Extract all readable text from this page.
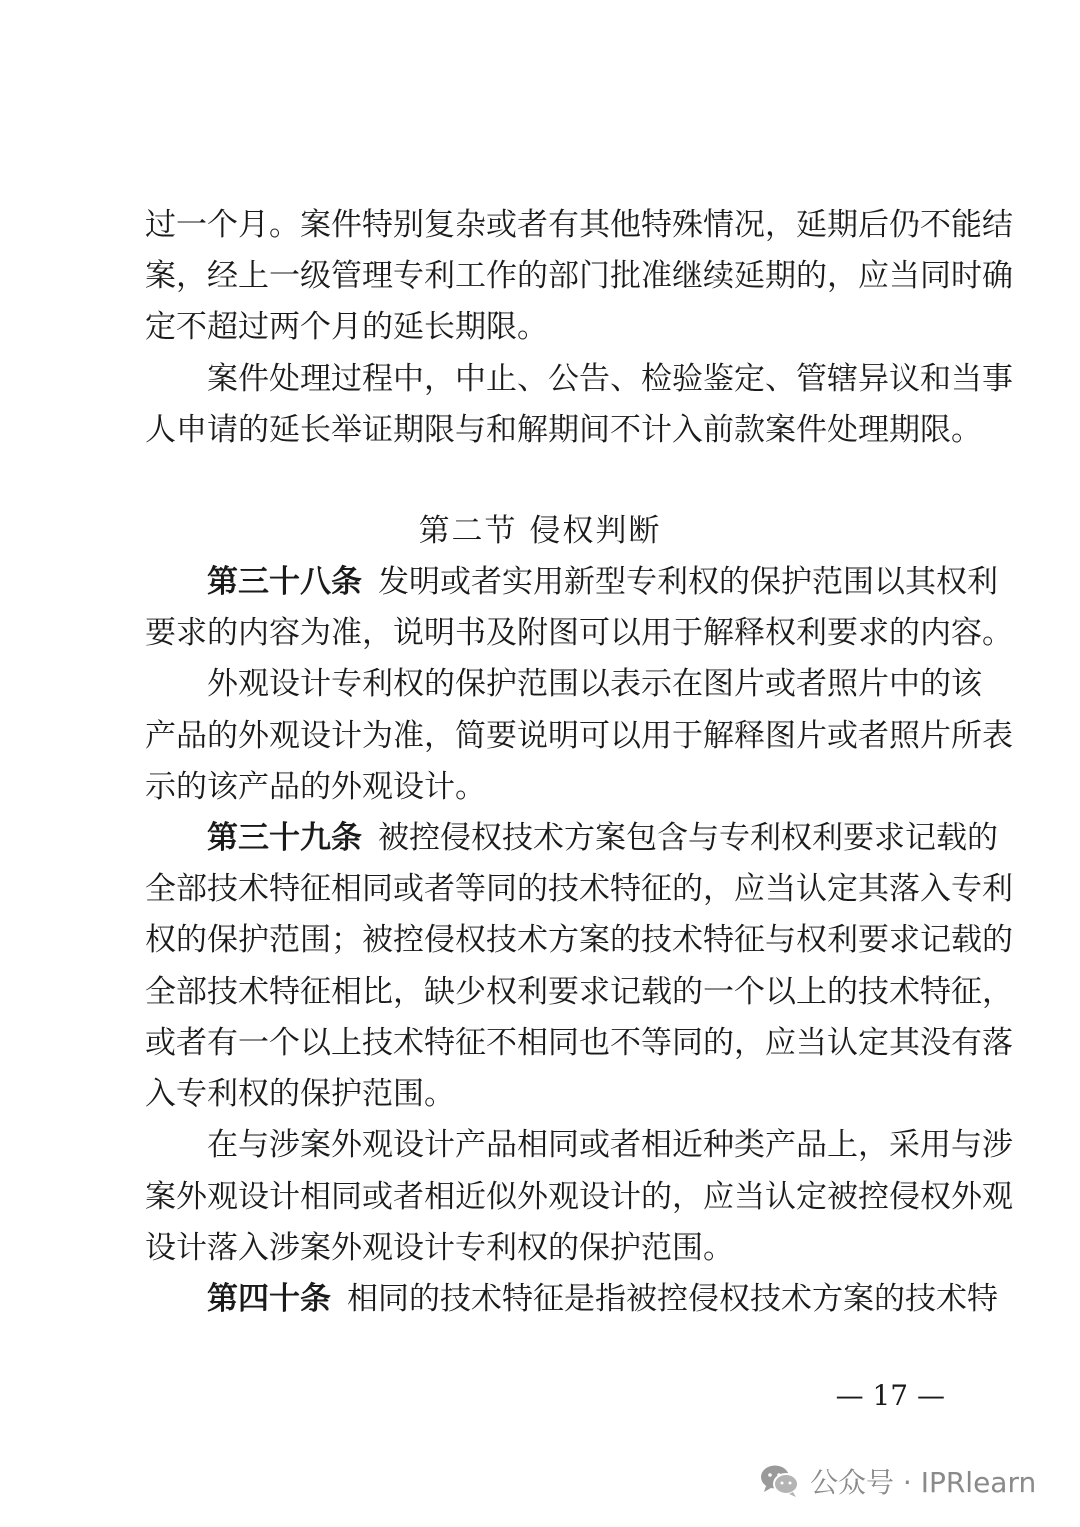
过一个月。案件特别复杂或者有其他特殊情况，延期后仍不能结
案，经上一级管理专利工作的部门批准继续延期的，应当同时确
定不超过两个月的延长期限。
案件处理过程中，中止、公告、检验鉴定、管辖异议和当事
人申请的延长举证期限与和解期间不计入前款案件处理期限。
第二节 侵权判断
第三十八条 发明或者实用新型专利权的保护范围以其权利
要求的内容为准，说明书及附图可以用于解释权利要求的内容。
外观设计专利权的保护范围以表示在图片或者照片中的该
产品的外观设计为准，简要说明可以用于解释图片或者照片所表
示的该产品的外观设计。
第三十九条 被控侵权技术方案包含与专利权利要求记载的
全部技术特征相同或者等同的技术特征的，应当认定其落入专利
权的保护范围；被控侵权技术方案的技术特征与权利要求记载的
全部技术特征相比，缺少权利要求记载的一个以上的技术特征，
或者有一个以上技术特征不相同也不等同的，应当认定其没有落
入专利权的保护范围。
在与涉案外观设计产品相同或者相近种类产品上，采用与涉
案外观设计相同或者相近似外观设计的，应当认定被控侵权外观
设计落入涉案外观设计专利权的保护范围。
第四十条 相同的技术特征是指被控侵权技术方案的技术特
— 17 —
公众号 · IPRlearn
